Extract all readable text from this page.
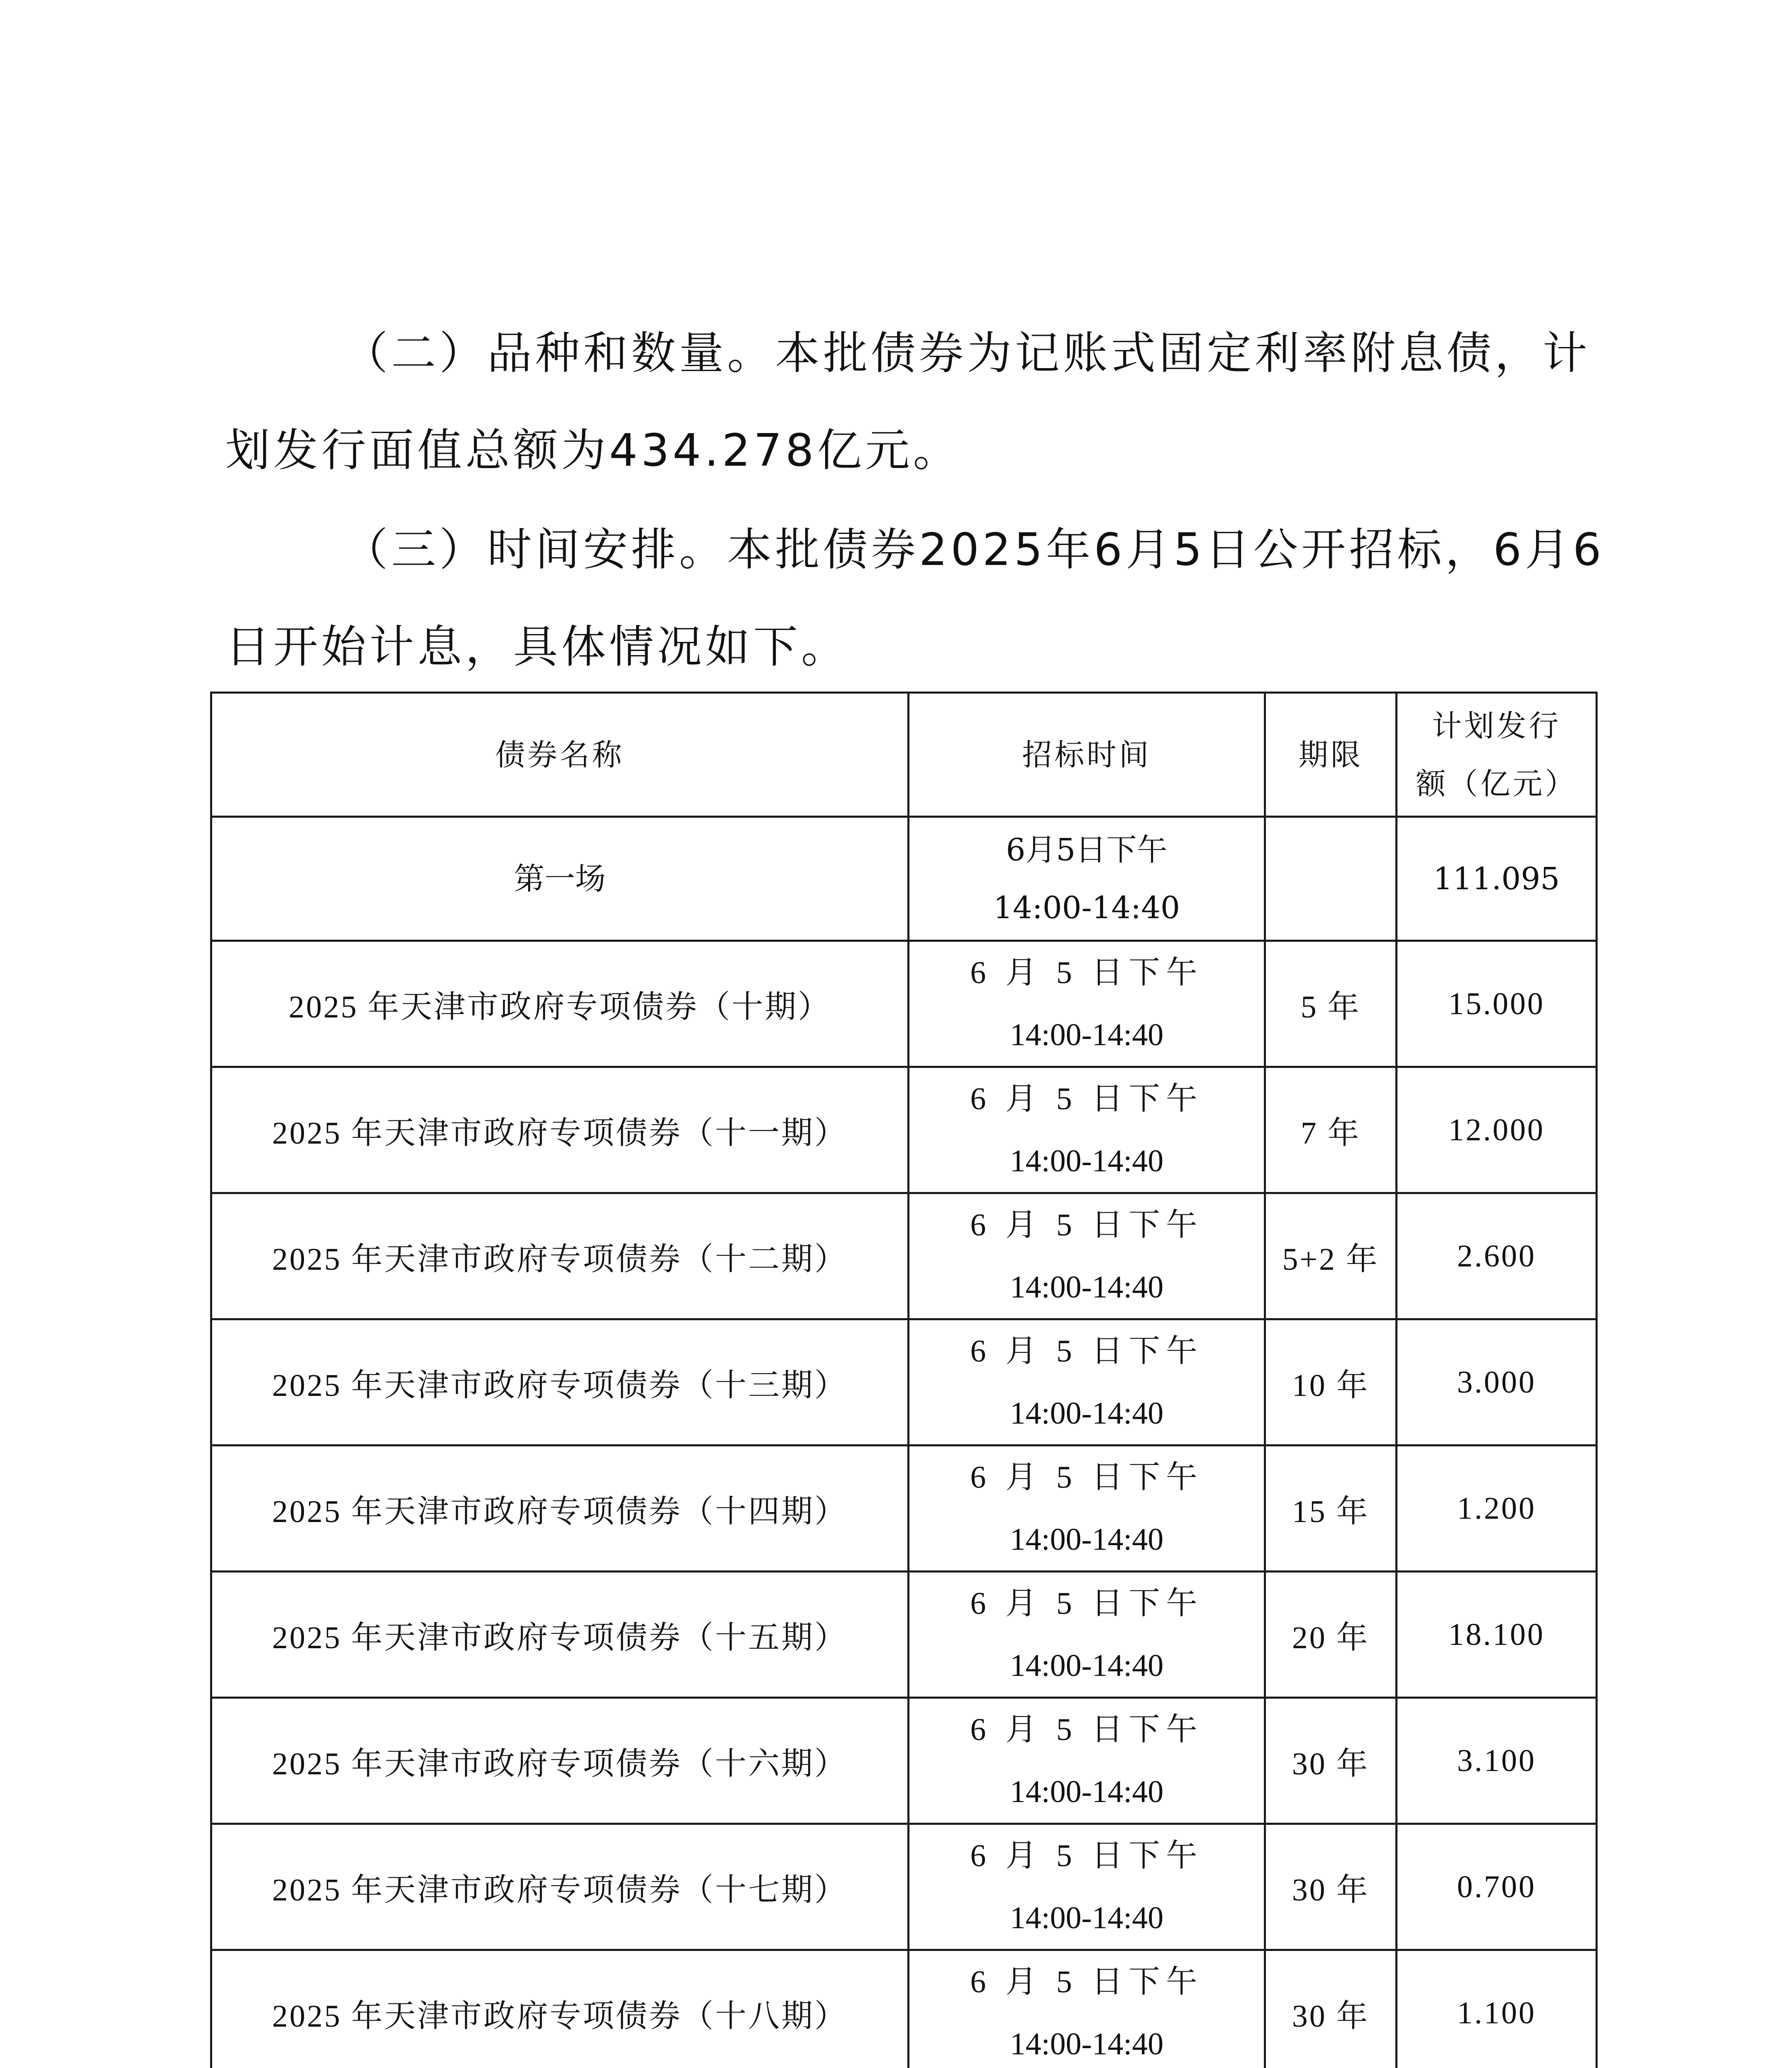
（二）品种和数量。本批债券为记账式固定利率附息债，计

划发行面值总额为434.278亿元。

（三）时间安排。本批债券2025年6月5日公开招标，6月6

日开始计息，具体情况如下。

债券名称	招标时间	期限	计划发行
额（亿元）

第一场	6月5日下午
14:00-14:40		111.095
2025 年天津市政府专项债券（十期）	6 月 5 日下午
14:00-14:40	5 年	15.000
2025 年天津市政府专项债券（十一期）	6 月 5 日下午
14:00-14:40	7 年	12.000
2025 年天津市政府专项债券（十二期）	6 月 5 日下午
14:00-14:40	5+2 年	2.600
2025 年天津市政府专项债券（十三期）	6 月 5 日下午
14:00-14:40	10 年	3.000
2025 年天津市政府专项债券（十四期）	6 月 5 日下午
14:00-14:40	15 年	1.200
2025 年天津市政府专项债券（十五期）	6 月 5 日下午
14:00-14:40	20 年	18.100
2025 年天津市政府专项债券（十六期）	6 月 5 日下午
14:00-14:40	30 年	3.100
2025 年天津市政府专项债券（十七期）	6 月 5 日下午
14:00-14:40	30 年	0.700
2025 年天津市政府专项债券（十八期）	6 月 5 日下午
14:00-14:40	30 年	1.100
